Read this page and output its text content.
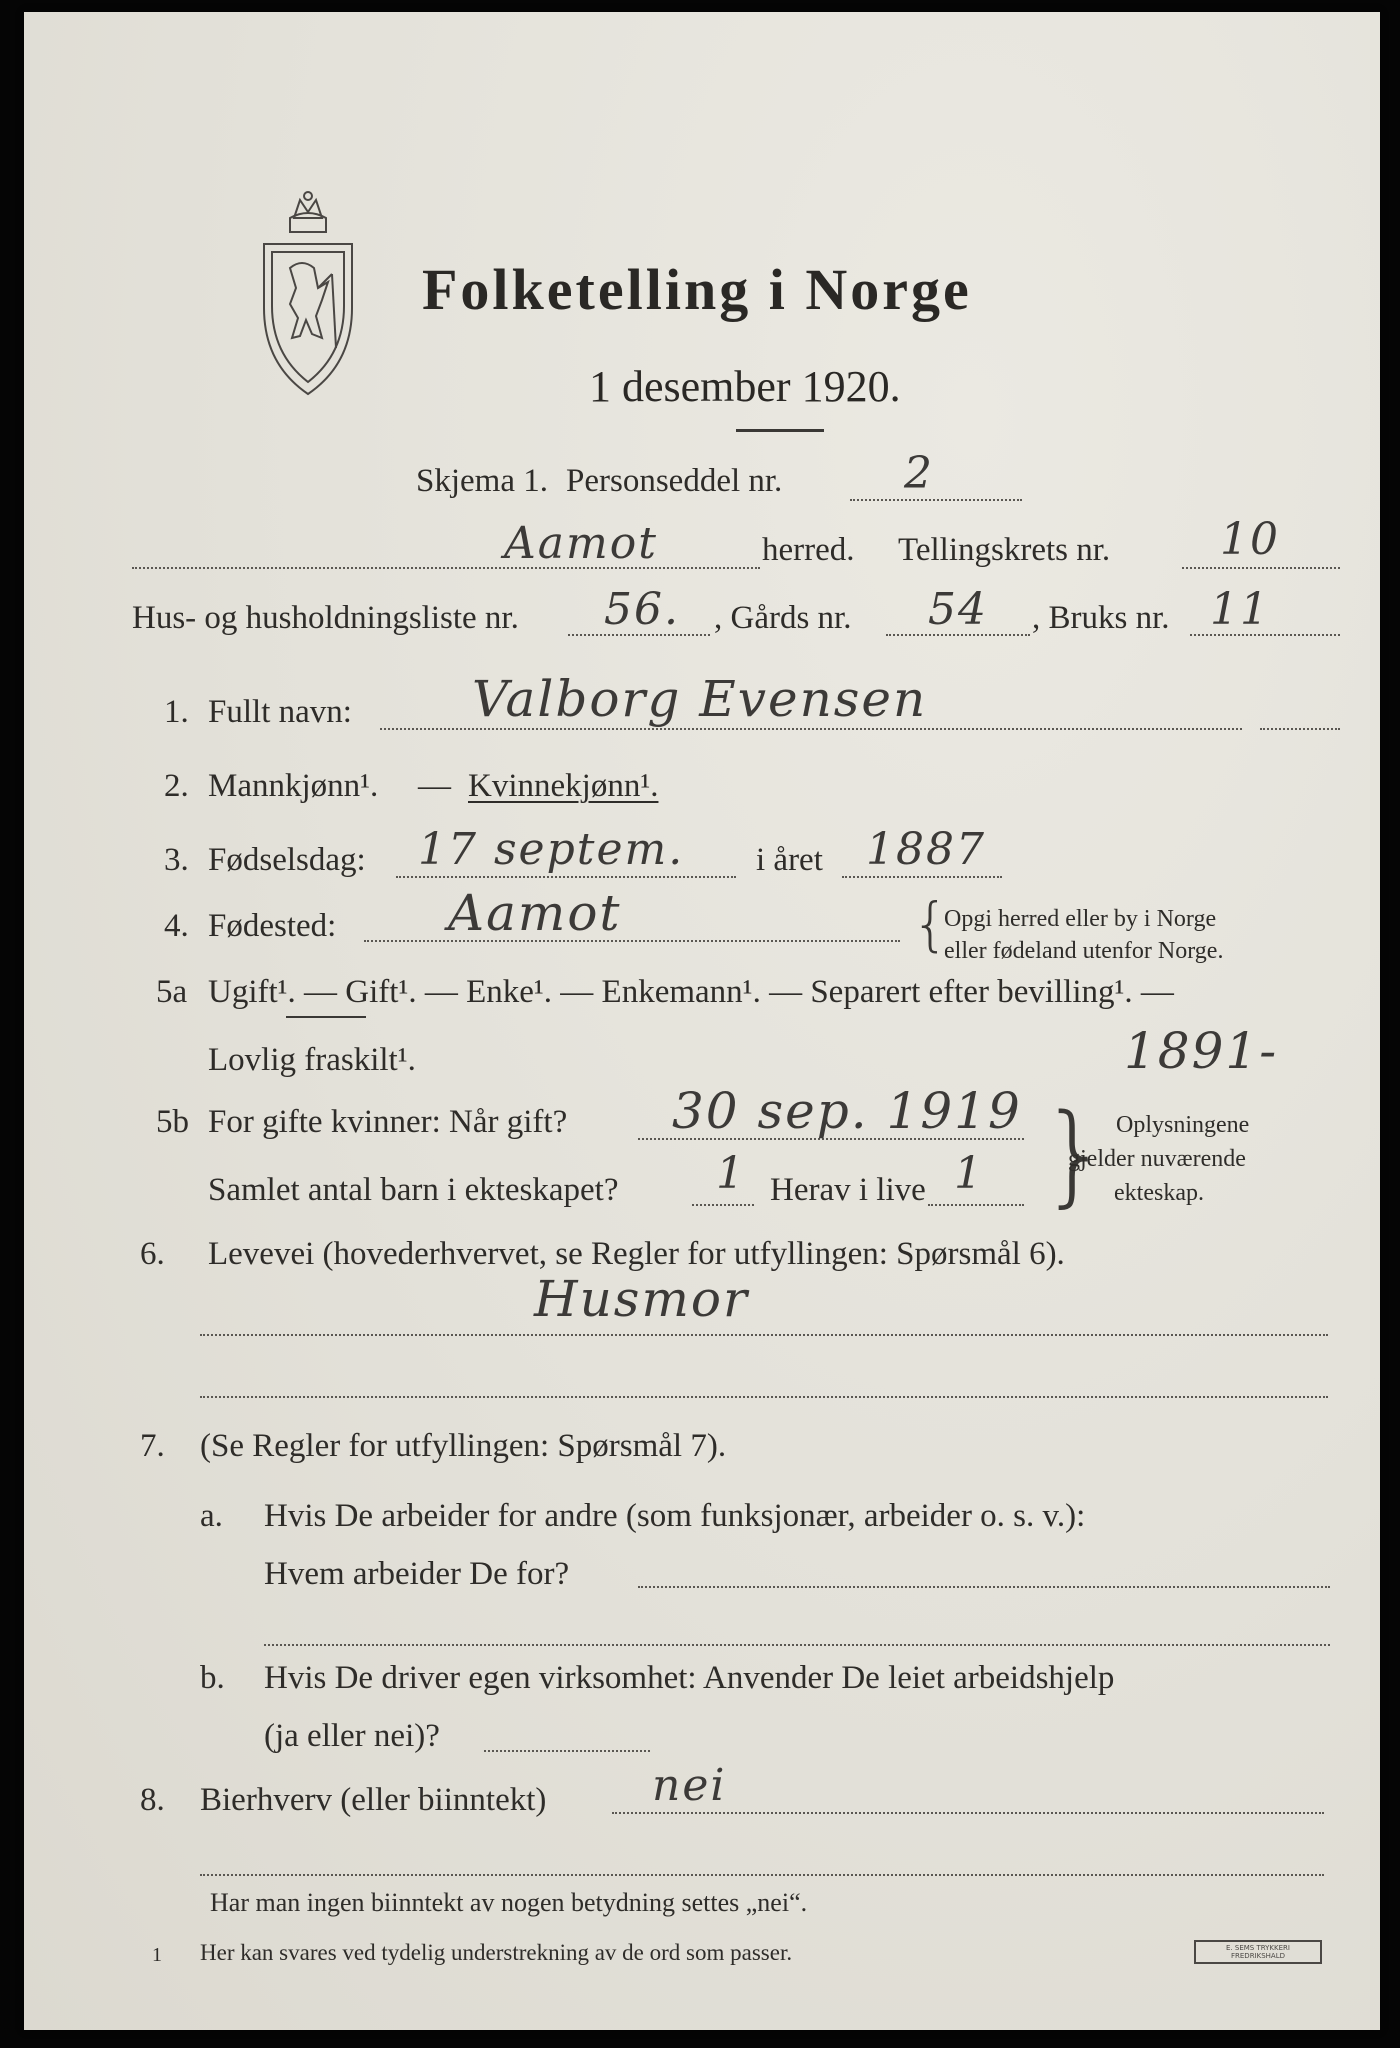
Folketelling i Norge
1 desember 1920.
Skjema 1. Personseddel nr.	2
Aamot	herred. Tellingskrets nr. 10
Hus- og husholdningsliste nr. 56. , Gårds nr. 54 , Bruks nr. 11
1. Fullt navn: Valborg Evensen
2. Mannkjønn¹. — Kvinnekjønn¹.
3. Fødselsdag: 17 septem. i året 1887
4. Fødested: Aamot	{
Opgi herred eller by i Norge
eller fødeland utenfor Norge.
5a Ugift¹. — Gift¹. — Enke¹. — Enkemann¹. — Separert efter bevilling¹. —
Lovlig fraskilt¹.	1891-
5b For gifte kvinner: Når gift? 30 sep. 1919
Samlet antal barn i ekteskapet? 1 Herav i live 1 } Oplysningene
gjelder nuværende
ekteskap.
6. Levevei (hovederhvervet, se Regler for utfyllingen: Spørsmål 6).
Husmor
7. (Se Regler for utfyllingen: Spørsmål 7).
a. Hvis De arbeider for andre (som funksjonær, arbeider o. s. v.):
Hvem arbeider De for?
b. Hvis De driver egen virksomhet: Anvender De leiet arbeidshjelp
(ja eller nei)?
8. Bierhverv (eller biinntekt) nei
Har man ingen biinntekt av nogen betydning settes „nei“.
1 Her kan svares ved tydelig understrekning av de ord som passer.	E. SEMS TRYKKERI FREDRIKSHALD
